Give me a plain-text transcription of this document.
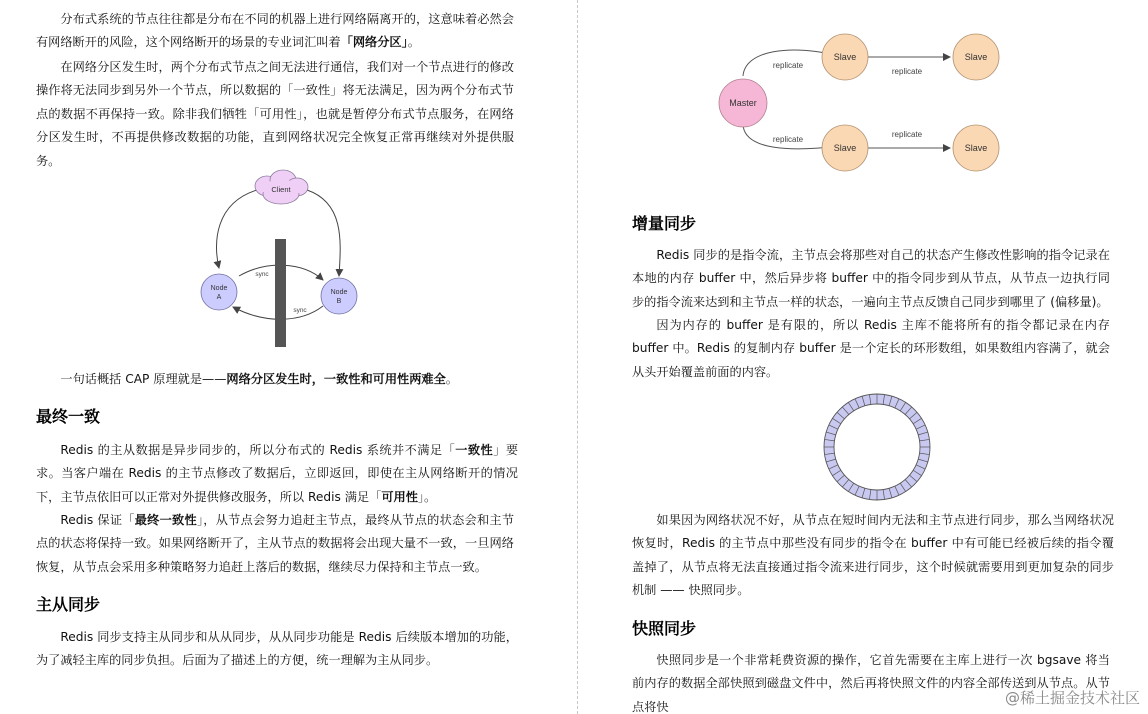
分布式系统的节点往往都是分布在不同的机器上进行网络隔离开的，这意味着必然会有网络断开的风险，这个网络断开的场景的专业词汇叫着「网络分区」。

在网络分区发生时，两个分布式节点之间无法进行通信，我们对一个节点进行的修改操作将无法同步到另外一个节点，所以数据的「一致性」将无法满足，因为两个分布式节点的数据不再保持一致。除非我们牺牲「可用性」，也就是暂停分布式节点服务，在网络分区发生时，不再提供修改数据的功能，直到网络状况完全恢复正常再继续对外提供服务。

Client
Node
A
Node
B
sync
sync

一句话概括 CAP 原理就是——网络分区发生时，一致性和可用性两难全。

最终一致

Redis 的主从数据是异步同步的，所以分布式的 Redis 系统并不满足「一致性」要求。当客户端在 Redis 的主节点修改了数据后，立即返回，即使在主从网络断开的情况下，主节点依旧可以正常对外提供修改服务，所以 Redis 满足「可用性」。

Redis 保证「最终一致性」，从节点会努力追赶主节点，最终从节点的状态会和主节点的状态将保持一致。如果网络断开了，主从节点的数据将会出现大量不一致，一旦网络恢复，从节点会采用多种策略努力追赶上落后的数据，继续尽力保持和主节点一致。

主从同步

Redis 同步支持主从同步和从从同步，从从同步功能是 Redis 后续版本增加的功能，为了减轻主库的同步负担。后面为了描述上的方便，统一理解为主从同步。

Master
Slave	Slave
Slave	Slave
replicate
replicate
replicate
replicate
增量同步

Redis 同步的是指令流，主节点会将那些对自己的状态产生修改性影响的指令记录在本地的内存 buffer 中，然后异步将 buffer 中的指令同步到从节点，从节点一边执行同步的指令流来达到和主节点一样的状态，一遍向主节点反馈自己同步到哪里了 (偏移量)。

因为内存的 buffer 是有限的，所以 Redis 主库不能将所有的指令都记录在内存 buffer 中。Redis 的复制内存 buffer 是一个定长的环形数组，如果数组内容满了，就会从头开始覆盖前面的内容。

如果因为网络状况不好，从节点在短时间内无法和主节点进行同步，那么当网络状况恢复时，Redis 的主节点中那些没有同步的指令在 buffer 中有可能已经被后续的指令覆盖掉了，从节点将无法直接通过指令流来进行同步，这个时候就需要用到更加复杂的同步机制 —— 快照同步。

快照同步

快照同步是一个非常耗费资源的操作，它首先需要在主库上进行一次 bgsave 将当前内存的数据全部快照到磁盘文件中，然后再将快照文件的内容全部传送到从节点。从节点将快	@稀土掘金技术社区
